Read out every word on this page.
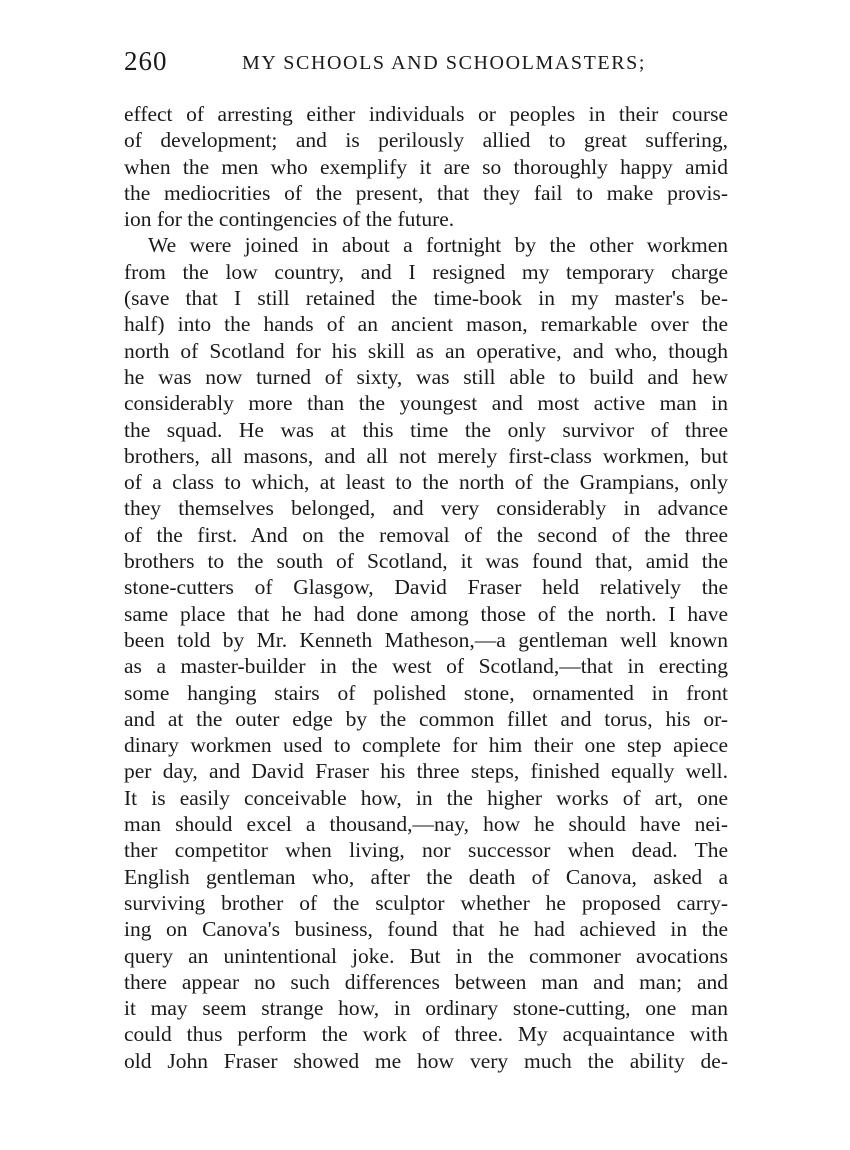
260	MY SCHOOLS AND SCHOOLMASTERS;
effect of arresting either individuals or peoples in their course
of development; and is perilously allied to great suffering,
when the men who exemplify it are so thoroughly happy amid
the mediocrities of the present, that they fail to make provis-
ion for the contingencies of the future.
We were joined in about a fortnight by the other workmen
from the low country, and I resigned my temporary charge
(save that I still retained the time-book in my master's be-
half) into the hands of an ancient mason, remarkable over the
north of Scotland for his skill as an operative, and who, though
he was now turned of sixty, was still able to build and hew
considerably more than the youngest and most active man in
the squad. He was at this time the only survivor of three
brothers, all masons, and all not merely first-class workmen, but
of a class to which, at least to the north of the Grampians, only
they themselves belonged, and very considerably in advance
of the first. And on the removal of the second of the three
brothers to the south of Scotland, it was found that, amid the
stone-cutters of Glasgow, David Fraser held relatively the
same place that he had done among those of the north. I have
been told by Mr. Kenneth Matheson,—a gentleman well known
as a master-builder in the west of Scotland,—that in erecting
some hanging stairs of polished stone, ornamented in front
and at the outer edge by the common fillet and torus, his or-
dinary workmen used to complete for him their one step apiece
per day, and David Fraser his three steps, finished equally well.
It is easily conceivable how, in the higher works of art, one
man should excel a thousand,—nay, how he should have nei-
ther competitor when living, nor successor when dead. The
English gentleman who, after the death of Canova, asked a
surviving brother of the sculptor whether he proposed carry-
ing on Canova's business, found that he had achieved in the
query an unintentional joke. But in the commoner avocations
there appear no such differences between man and man; and
it may seem strange how, in ordinary stone-cutting, one man
could thus perform the work of three. My acquaintance with
old John Fraser showed me how very much the ability de-
